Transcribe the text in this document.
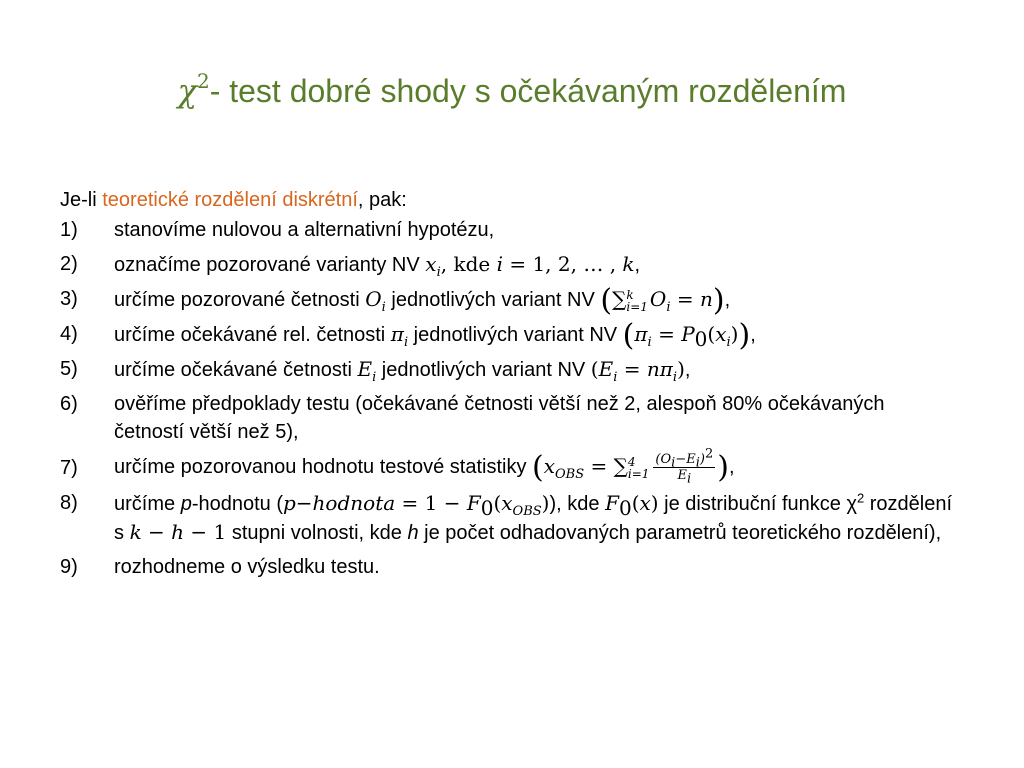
$\chi^2-$ test dobré shody s očekávaným rozdělením
Je-li teoretické rozdělení diskrétní, pak:
1)	stanovíme nulovou a alternativní hypotézu,
2)	označíme pozorované varianty NV $x_i$, kde i = 1, 2, … , k,
3)	určíme pozorované četnosti $O_i$ jednotlivých variant NV (∑ k
i=1 $O_i = n$),
4)	určíme očekávané rel. četnosti $\pi_i$ jednotlivých variant NV $(\pi_i = P_0(x_i))$,
5)	určíme očekávané četnosti $E_i$ jednotlivých variant NV $(E_i = n\pi_i)$,
6)	ověříme předpoklady testu (očekávané četnosti větší než 2, alespoň 80% očekávaných četností větší než 5),
7)	určíme pozorovanou hodnotu testové statistiky ($x_{OBS}$ = ∑ 4
$i=1 \frac{(O_i-E_i)^2}{E_i}$ ),
8)	určíme p-hodnotu (p−hodnota = $1 - F_0(x_{OBS})$), kde $F_0(x)$ je distribuční funkce $\chi^2$ rozdělení s k − h − 1 stupni volnosti, kde h je počet odhadovaných parametrů teoretického rozdělení),
9)	rozhodneme o výsledku testu.
